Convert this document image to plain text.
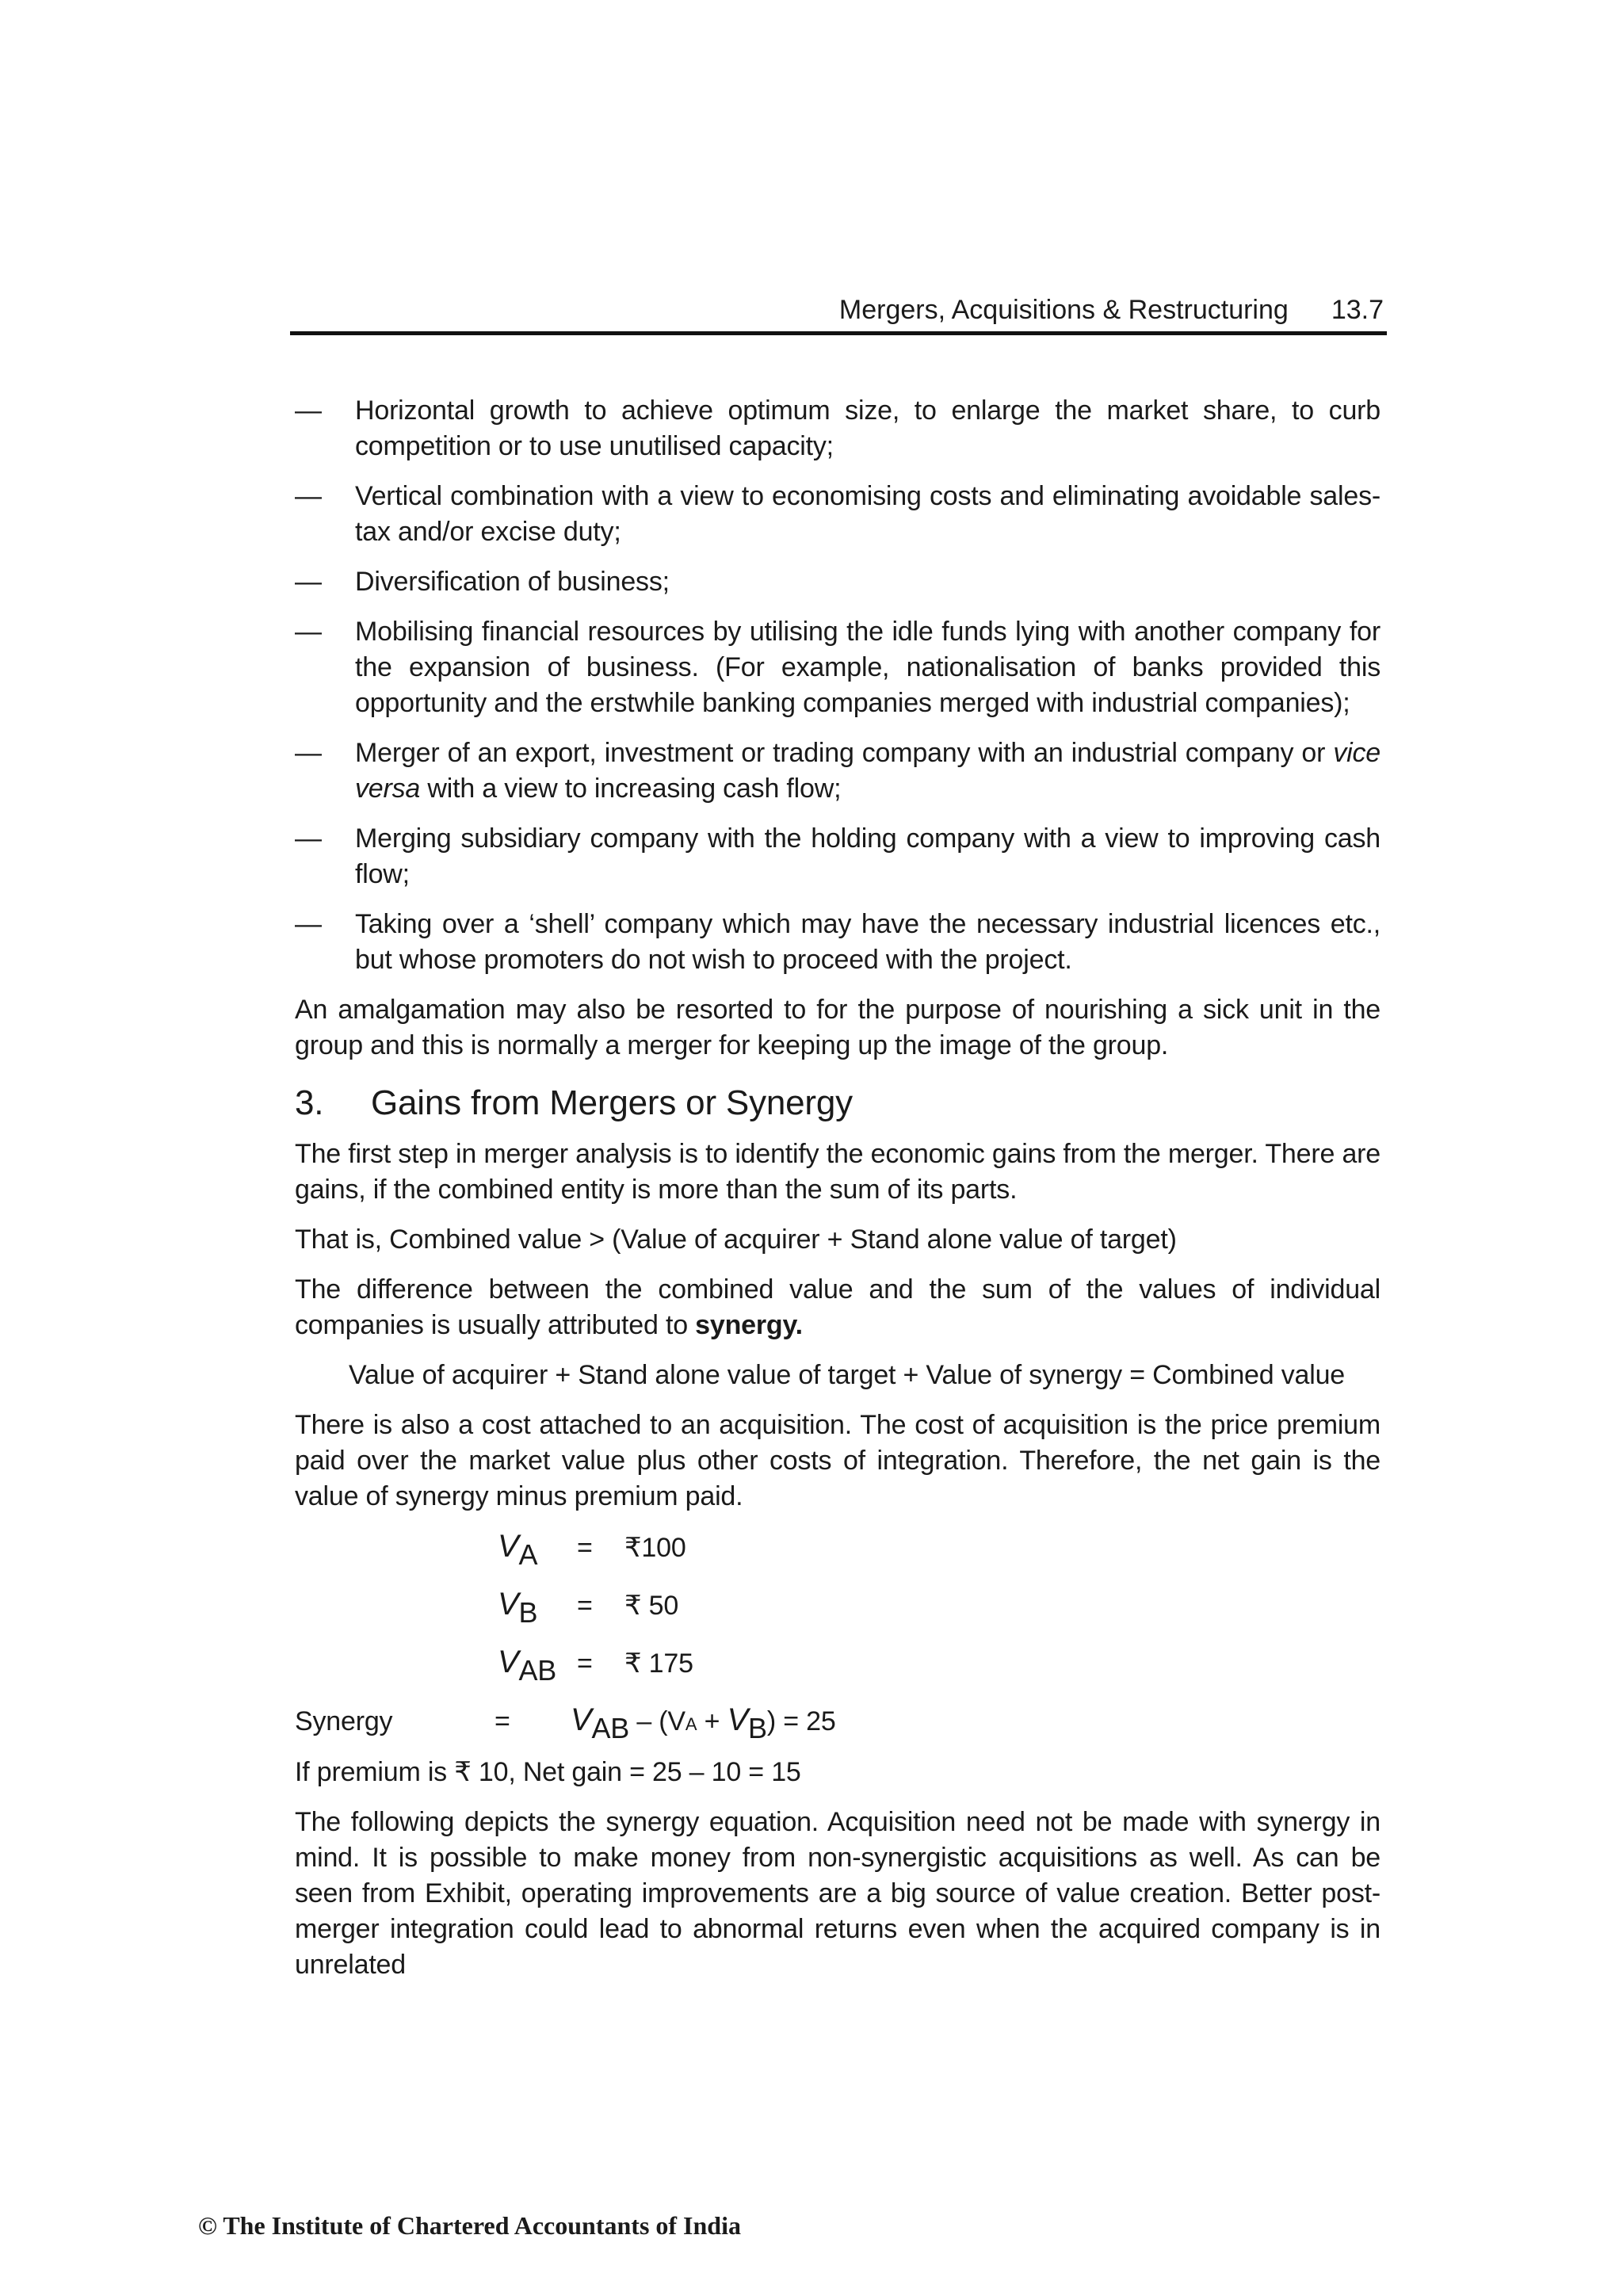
Mergers, Acquisitions & Restructuring 13.7
—	Horizontal growth to achieve optimum size, to enlarge the market share, to curb competition or to use unutilised capacity;
—	Vertical combination with a view to economising costs and eliminating avoidable sales-tax and/or excise duty;
—	Diversification of business;
—	Mobilising financial resources by utilising the idle funds lying with another company for the expansion of business. (For example, nationalisation of banks provided this opportunity and the erstwhile banking companies merged with industrial companies);
—	Merger of an export, investment or trading company with an industrial company or vice versa with a view to increasing cash flow;
—	Merging subsidiary company with the holding company with a view to improving cash flow;
—	Taking over a ‘shell’ company which may have the necessary industrial licences etc., but whose promoters do not wish to proceed with the project.

An amalgamation may also be resorted to for the purpose of nourishing a sick unit in the group and this is normally a merger for keeping up the image of the group.

3.	Gains from Mergers or Synergy

The first step in merger analysis is to identify the economic gains from the merger. There are gains, if the combined entity is more than the sum of its parts.

That is, Combined value > (Value of acquirer + Stand alone value of target)

The difference between the combined value and the sum of the values of individual companies is usually attributed to synergy.

Value of acquirer + Stand alone value of target + Value of synergy = Combined value

There is also a cost attached to an acquisition. The cost of acquisition is the price premium paid over the market value plus other costs of integration. Therefore, the net gain is the value of synergy minus premium paid.

$V_A$	=	₹100
$V_B$	=	₹ 50
$V_{AB}$ =	₹ 175
Synergy	=	$V_{AB} - (VA + V_B) = 25$

If premium is ₹ 10, Net gain = 25 – 10 = 15

The following depicts the synergy equation. Acquisition need not be made with synergy in mind. It is possible to make money from non-synergistic acquisitions as well. As can be seen from Exhibit, operating improvements are a big source of value creation. Better post-merger integration could lead to abnormal returns even when the acquired company is in unrelated

© The Institute of Chartered Accountants of India
